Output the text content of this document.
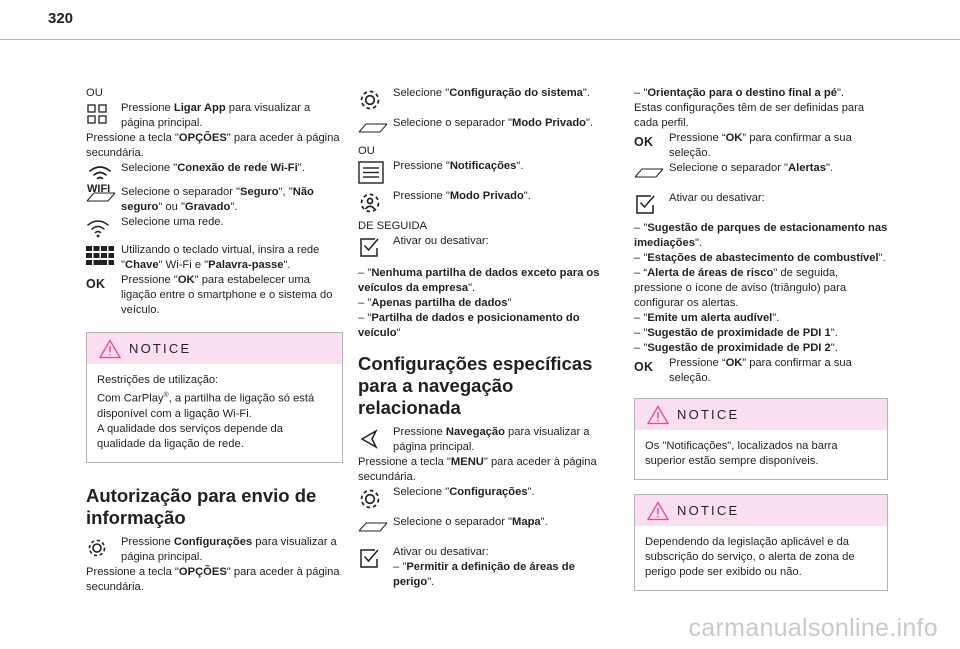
320

OU

Pressione Ligar App para visualizar a página principal.

Pressione a tecla "OPÇÕES" para aceder à página secundária.

WIFI
Selecione "Conexão de rede Wi-Fi".
Selecione o separador "Seguro", "Não seguro" ou "Gravado".
Selecione uma rede.
Utilizando o teclado virtual, insira a rede "Chave" Wi-Fi e "Palavra-passe".
OK	Pressione "OK" para estabelecer uma ligação entre o smartphone e o sistema do veículo.
NOTICE

Restrições de utilização:

Com CarPlay®, a partilha de ligação só está disponível com a ligação Wi-Fi.

A qualidade dos serviços depende da qualidade da ligação de rede.

Autorização para envio de informação
Pressione Configurações para visualizar a página principal.

Pressione a tecla "OPÇÕES" para aceder à página secundária.

Selecione "Configuração do sistema".
Selecione o separador "Modo Privado".

OU

Pressione "Notificações".
Pressione "Modo Privado".

DE SEGUIDA

Ativar ou desativar:

– "Nenhuma partilha de dados exceto para os veículos da empresa".

– "Apenas partilha de dados"

– "Partilha de dados e posicionamento do veículo"

Configurações específicas para a navegação relacionada
Pressione Navegação para visualizar a página principal.

Pressione a tecla "MENU" para aceder à página secundária.

Selecione "Configurações".
Selecione o separador "Mapa".
Ativar ou desativar:
– "Permitir a definição de áreas de perigo".

– "Orientação para o destino final a pé".

Estas configurações têm de ser definidas para cada perfil.

OK	Pressione “OK” para confirmar a sua seleção.
Selecione o separador "Alertas".
Ativar ou desativar:

– "Sugestão de parques de estacionamento nas imediações".

– "Estações de abastecimento de combustível".

– “Alerta de áreas de risco" de seguida, pressione o ícone de aviso (triângulo) para configurar os alertas.

– "Emite um alerta audível".

– "Sugestão de proximidade de PDI 1".

– "Sugestão de proximidade de PDI 2".

OK	Pressione “OK” para confirmar a sua seleção.
NOTICE
Os "Notificações", localizados na barra superior estão sempre disponíveis.
NOTICE
Dependendo da legislação aplicável e da subscrição do serviço, o alerta de zona de perigo pode ser exibido ou não.
carmanualsonline.info
